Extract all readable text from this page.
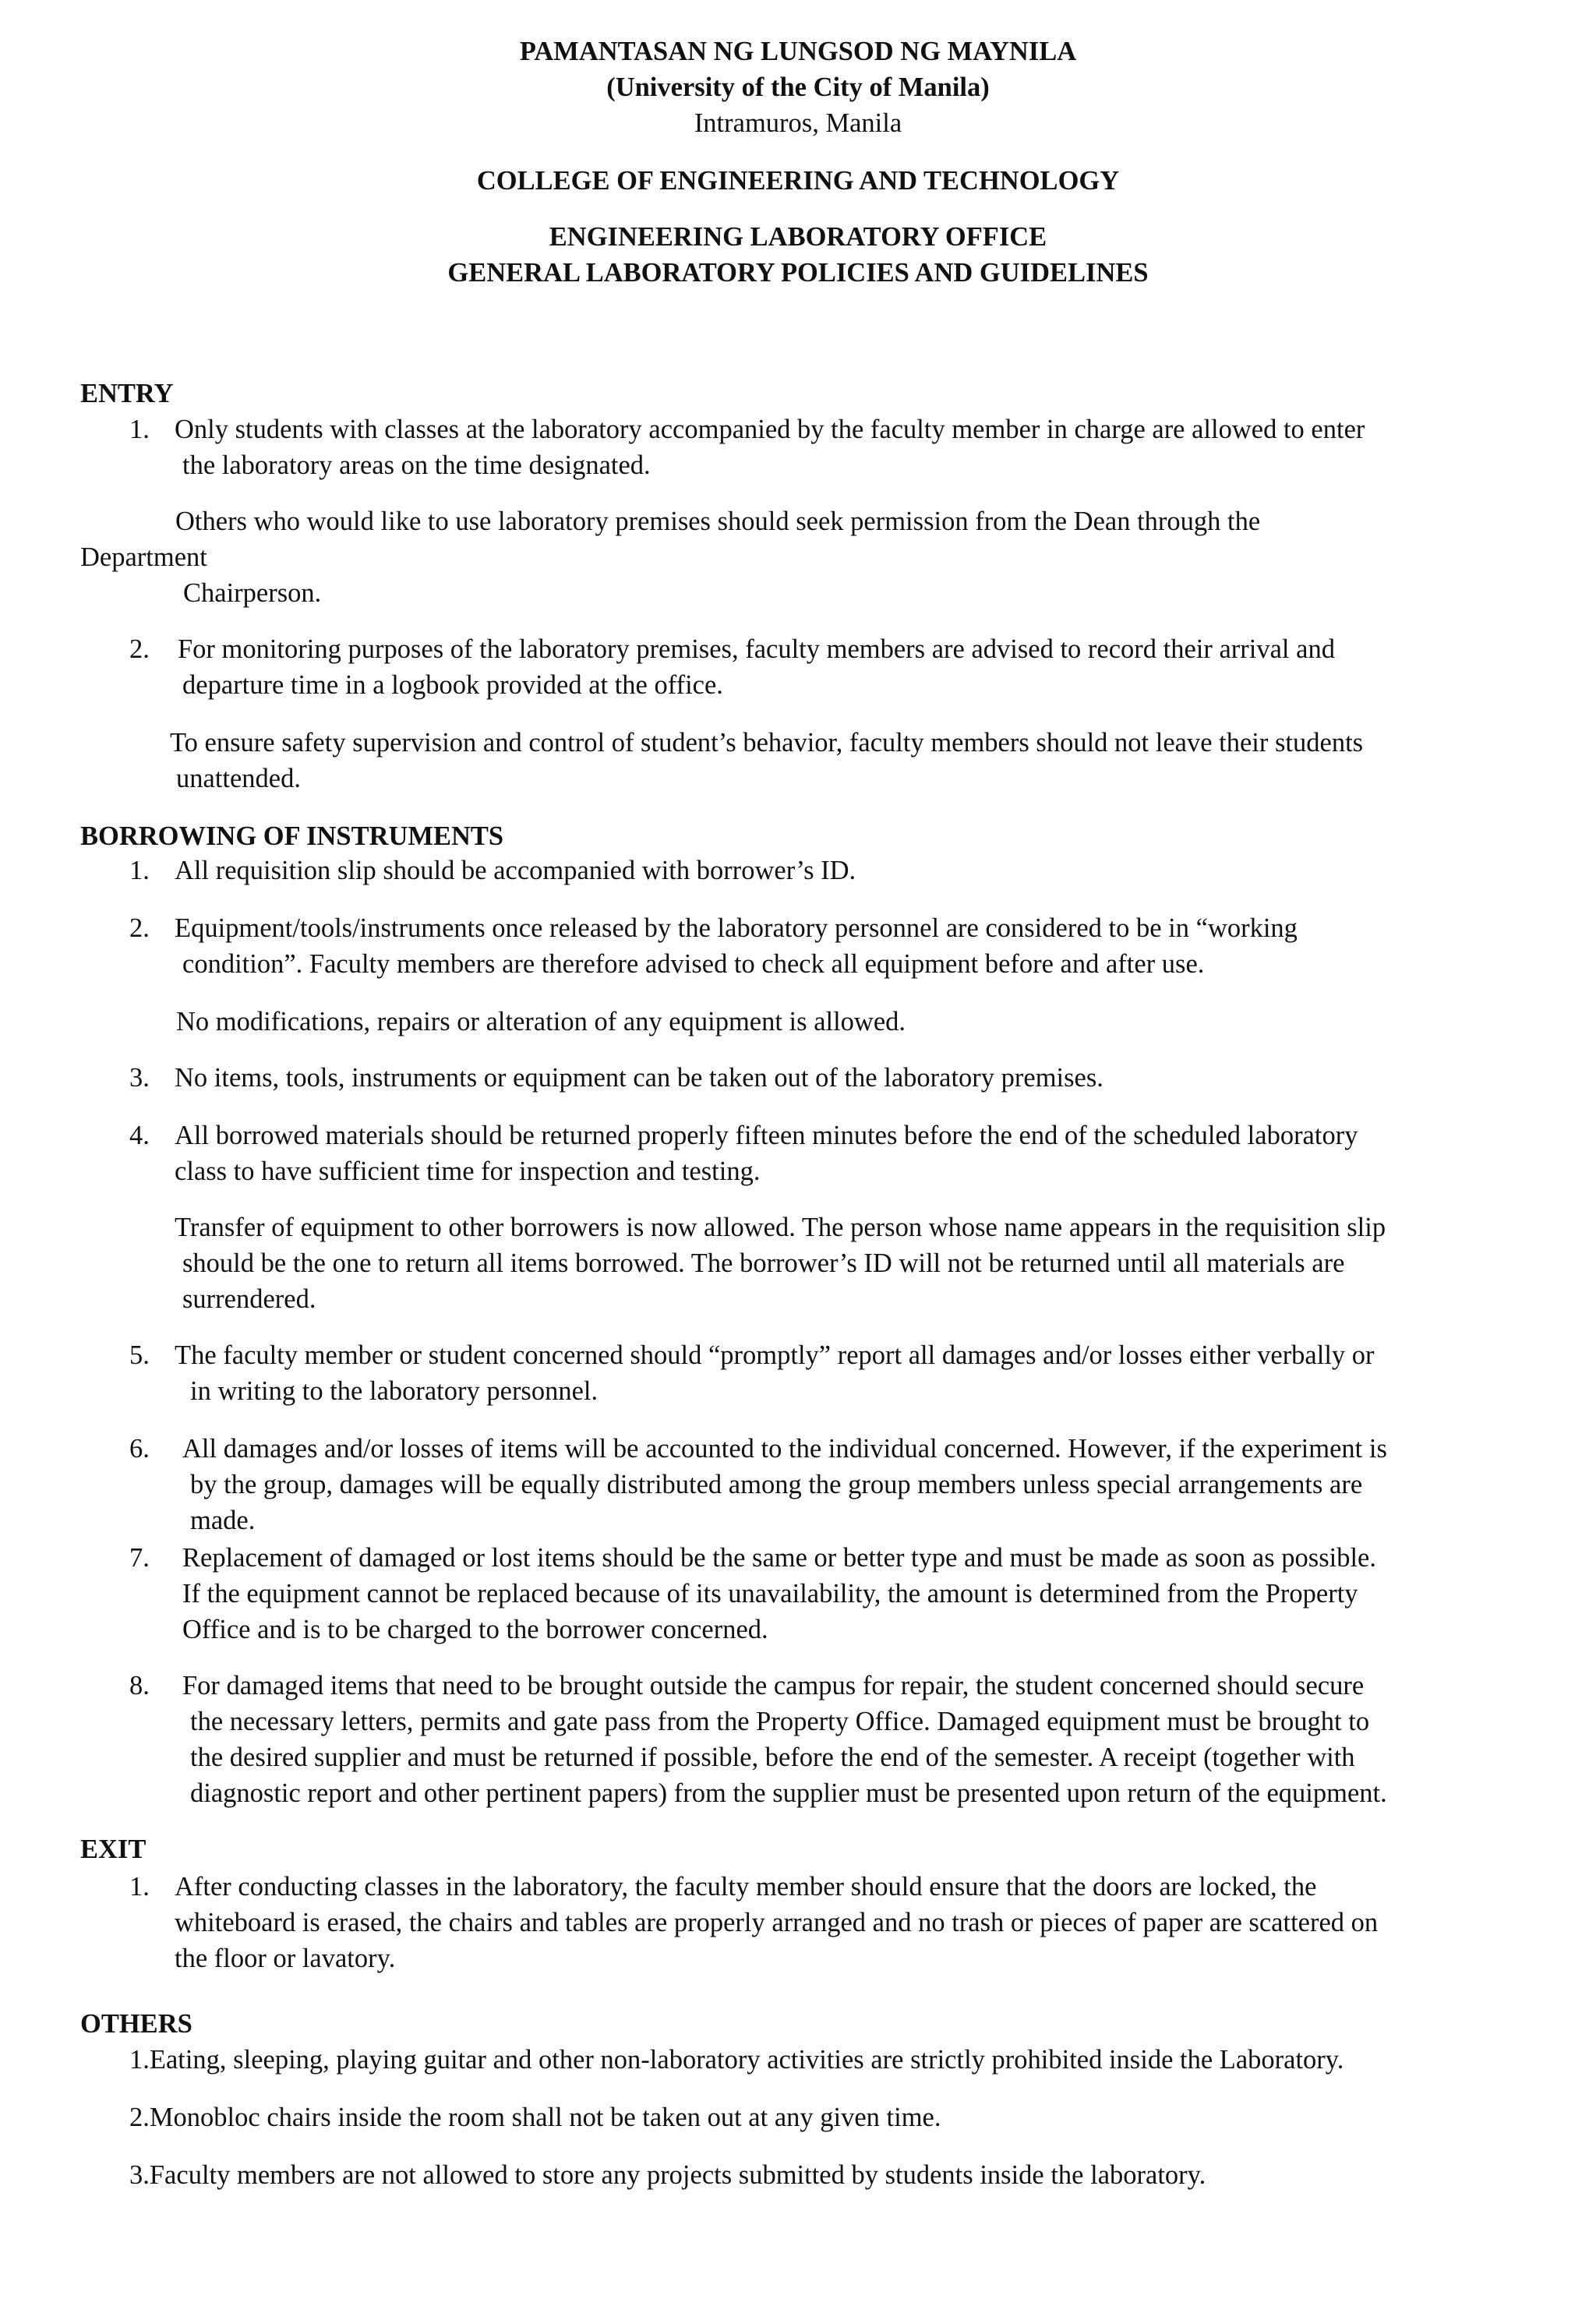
PAMANTASAN NG LUNGSOD NG MAYNILA
(University of the City of Manila)
Intramuros, Manila
COLLEGE OF ENGINEERING AND TECHNOLOGY
ENGINEERING LABORATORY OFFICE
GENERAL LABORATORY POLICIES AND GUIDELINES
ENTRY
1. Only students with classes at the laboratory accompanied by the faculty member in charge are allowed to enter
the laboratory areas on the time designated.
Others who would like to use laboratory premises should seek permission from the Dean through the
Department
Chairperson.
2. For monitoring purposes of the laboratory premises, faculty members are advised to record their arrival and
departure time in a logbook provided at the office.
To ensure safety supervision and control of student’s behavior, faculty members should not leave their students
unattended.
BORROWING OF INSTRUMENTS
1. All requisition slip should be accompanied with borrower’s ID.
2. Equipment/tools/instruments once released by the laboratory personnel are considered to be in “working
condition”. Faculty members are therefore advised to check all equipment before and after use.
No modifications, repairs or alteration of any equipment is allowed.
3. No items, tools, instruments or equipment can be taken out of the laboratory premises.
4. All borrowed materials should be returned properly fifteen minutes before the end of the scheduled laboratory
class to have sufficient time for inspection and testing.
Transfer of equipment to other borrowers is now allowed. The person whose name appears in the requisition slip
should be the one to return all items borrowed. The borrower’s ID will not be returned until all materials are
surrendered.
5. The faculty member or student concerned should “promptly” report all damages and/or losses either verbally or
in writing to the laboratory personnel.
6. All damages and/or losses of items will be accounted to the individual concerned. However, if the experiment is
by the group, damages will be equally distributed among the group members unless special arrangements are
made.
7. Replacement of damaged or lost items should be the same or better type and must be made as soon as possible.
If the equipment cannot be replaced because of its unavailability, the amount is determined from the Property
Office and is to be charged to the borrower concerned.
8. For damaged items that need to be brought outside the campus for repair, the student concerned should secure
the necessary letters, permits and gate pass from the Property Office. Damaged equipment must be brought to
the desired supplier and must be returned if possible, before the end of the semester. A receipt (together with
diagnostic report and other pertinent papers) from the supplier must be presented upon return of the equipment.
EXIT
1. After conducting classes in the laboratory, the faculty member should ensure that the doors are locked, the
whiteboard is erased, the chairs and tables are properly arranged and no trash or pieces of paper are scattered on
the floor or lavatory.
OTHERS
1.Eating, sleeping, playing guitar and other non-laboratory activities are strictly prohibited inside the Laboratory.
2.Monobloc chairs inside the room shall not be taken out at any given time.
3.Faculty members are not allowed to store any projects submitted by students inside the laboratory.
